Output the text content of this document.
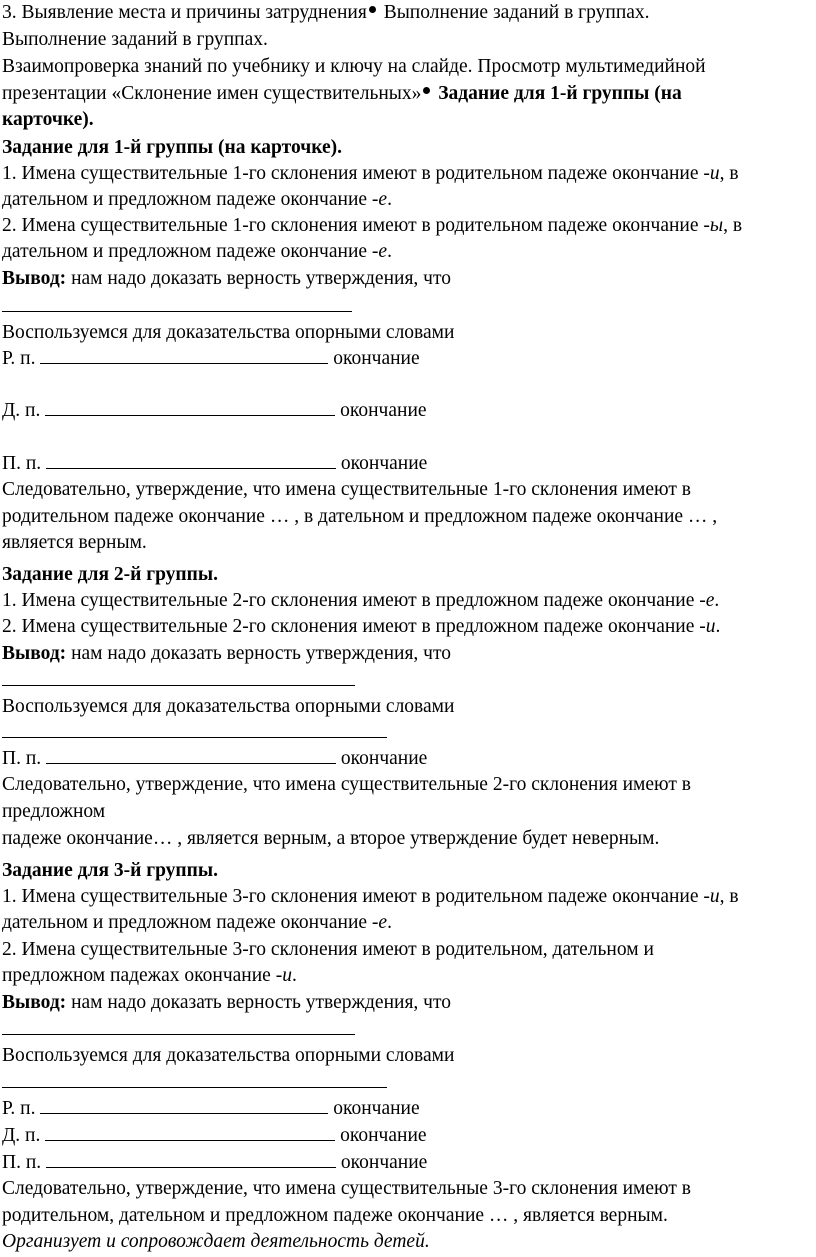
3. Выявление места и причины затруднения Выполнение заданий в группах.
Выполнение заданий в группах.
Взаимопроверка знаний по учебнику и ключу на слайде. Просмотр мультимедийной
презентации «Склонение имен существительных» Задание для 1-й группы (на
карточке).
Задание для 1-й группы (на карточке).
1. Имена существительные 1-го склонения имеют в родительном падеже окончание -и, в
дательном и предложном падеже окончание -е.
2. Имена существительные 1-го склонения имеют в родительном падеже окончание -ы, в
дательном и предложном падеже окончание -е.
Вывод: нам надо доказать верность утверждения, что
Воспользуемся для доказательства опорными словами
Р. п.	окончание
Д. п.	окончание
П. п.	окончание
Следовательно, утверждение, что имена существительные 1-го склонения имеют в
родительном падеже окончание … , в дательном и предложном падеже окончание … ,
является верным.
Задание для 2-й группы.
1. Имена существительные 2-го склонения имеют в предложном падеже окончание -е.
2. Имена существительные 2-го склонения имеют в предложном падеже окончание -и.
Вывод: нам надо доказать верность утверждения, что
Воспользуемся для доказательства опорными словами
П. п.	окончание
Следовательно, утверждение, что имена существительные 2-го склонения имеют в
предложном
падеже окончание… , является верным, а второе утверждение будет неверным.
Задание для 3-й группы.
1. Имена существительные 3-го склонения имеют в родительном падеже окончание -и, в
дательном и предложном падеже окончание -е.
2. Имена существительные 3-го склонения имеют в родительном, дательном и
предложном падежах окончание -и.
Вывод: нам надо доказать верность утверждения, что
Воспользуемся для доказательства опорными словами
Р. п.	окончание
Д. п.	окончание
П. п.	окончание
Следовательно, утверждение, что имена существительные 3-го склонения имеют в
родительном, дательном и предложном падеже окончание … , является верным.
Организует и сопровождает деятельность детей.
